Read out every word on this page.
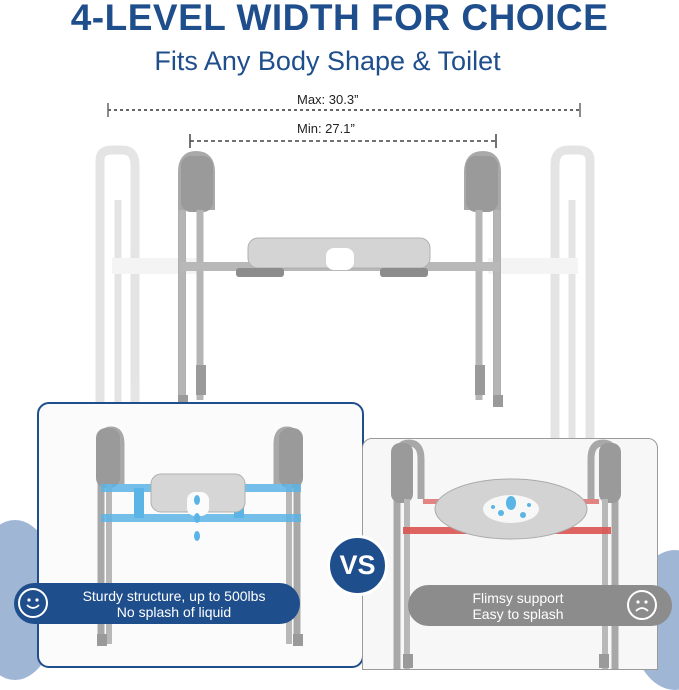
4-LEVEL WIDTH FOR CHOICE
Fits Any Body Shape & Toilet
Max: 30.3”
Min: 27.1”
Sturdy structure, up to 500lbs
No splash of liquid
Flimsy support
Easy to splash
VS
